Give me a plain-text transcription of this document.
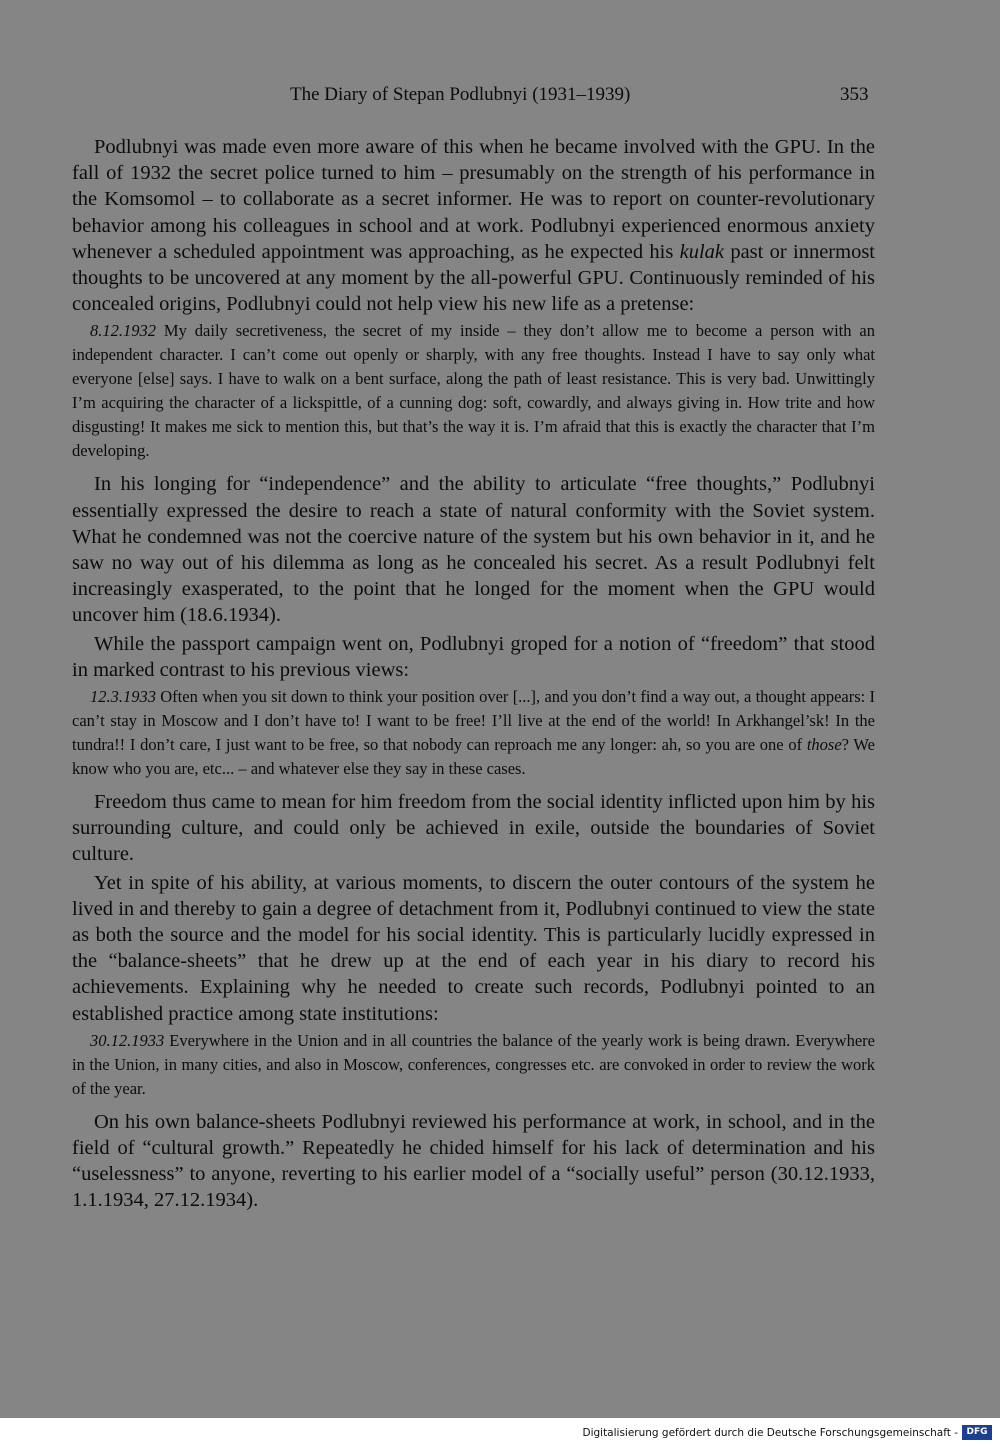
The Diary of Stepan Podlubnyi (1931–1939)	353

Podlubnyi was made even more aware of this when he became involved with the GPU. In the fall of 1932 the secret police turned to him – presumably on the strength of his performance in the Komsomol – to collaborate as a secret informer. He was to report on counter-revolutionary behavior among his colleagues in school and at work. Podlubnyi experienced enormous anxiety whenever a scheduled appointment was approaching, as he expected his kulak past or innermost thoughts to be uncovered at any moment by the all-powerful GPU. Continuously reminded of his concealed origins, Podlubnyi could not help view his new life as a pretense:

8.12.1932 My daily secretiveness, the secret of my inside – they don’t allow me to become a person with an independent character. I can’t come out openly or sharply, with any free thoughts. Instead I have to say only what everyone [else] says. I have to walk on a bent surface, along the path of least resistance. This is very bad. Unwittingly I’m acquiring the character of a lickspittle, of a cunning dog: soft, cowardly, and always giving in. How trite and how disgusting! It makes me sick to mention this, but that’s the way it is. I’m afraid that this is exactly the character that I’m developing.

In his longing for “independence” and the ability to articulate “free thoughts,” Podlubnyi essentially expressed the desire to reach a state of natural conformity with the Soviet system. What he condemned was not the coercive nature of the system but his own behavior in it, and he saw no way out of his dilemma as long as he concealed his secret. As a result Podlubnyi felt increasingly exasperated, to the point that he longed for the moment when the GPU would uncover him (18.6.1934).

While the passport campaign went on, Podlubnyi groped for a notion of “freedom” that stood in marked contrast to his previous views:

12.3.1933 Often when you sit down to think your position over [...], and you don’t find a way out, a thought appears: I can’t stay in Moscow and I don’t have to! I want to be free! I’ll live at the end of the world! In Arkhangel’sk! In the tundra!! I don’t care, I just want to be free, so that nobody can reproach me any longer: ah, so you are one of those? We know who you are, etc... – and whatever else they say in these cases.

Freedom thus came to mean for him freedom from the social identity inflicted upon him by his surrounding culture, and could only be achieved in exile, outside the boundaries of Soviet culture.

Yet in spite of his ability, at various moments, to discern the outer contours of the system he lived in and thereby to gain a degree of detachment from it, Podlubnyi continued to view the state as both the source and the model for his social identity. This is particularly lucidly expressed in the “balance-sheets” that he drew up at the end of each year in his diary to record his achievements. Explaining why he needed to create such records, Podlubnyi pointed to an established practice among state institutions:

30.12.1933 Everywhere in the Union and in all countries the balance of the yearly work is being drawn. Everywhere in the Union, in many cities, and also in Moscow, conferences, congresses etc. are convoked in order to review the work of the year.

On his own balance-sheets Podlubnyi reviewed his performance at work, in school, and in the field of “cultural growth.” Repeatedly he chided himself for his lack of determination and his “uselessness” to anyone, reverting to his earlier model of a “socially useful” person (30.12.1933, 1.1.1934, 27.12.1934).

Digitalisierung gefördert durch die Deutsche Forschungsgemeinschaft - DFG
